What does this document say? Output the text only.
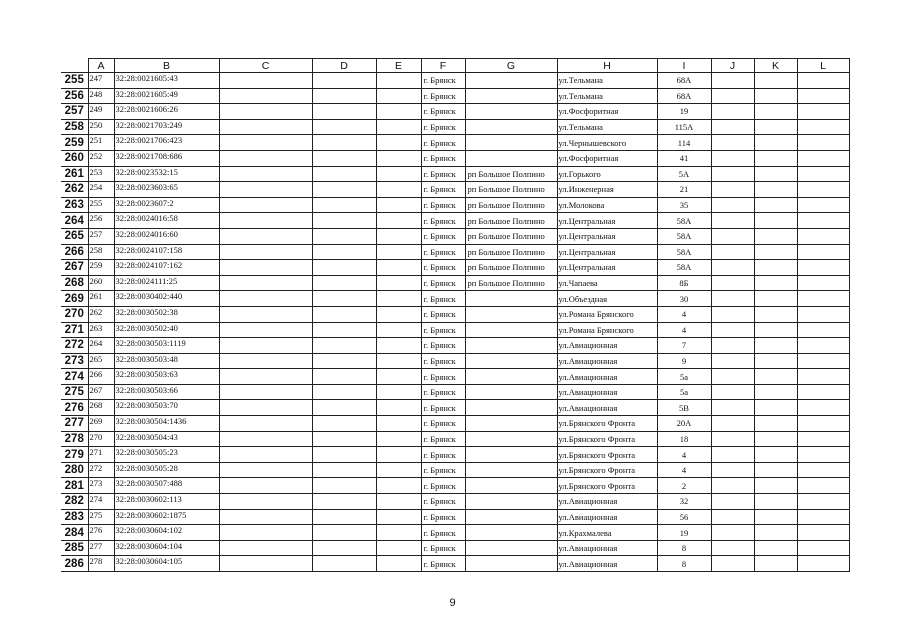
	A	B	C	D	E	F	G	H	I	J	K	L
255	247	32:28:0021605:43				г. Брянск		ул.Тельмана	68А			
256	248	32:28:0021605:49				г. Брянск		ул.Тельмана	68А			
257	249	32:28:0021606:26				г. Брянск		ул.Фосфоритная	19			
258	250	32:28:0021703:249				г. Брянск		ул.Тельмана	115А			
259	251	32:28:0021706:423				г. Брянск		ул.Чернышевского	114			
260	252	32:28:0021708:686				г. Брянск		ул.Фосфоритная	41			
261	253	32:28:0023532:15				г. Брянск	рп Большое Полпино	ул.Горького	5А			
262	254	32:28:0023603:65				г. Брянск	рп Большое Полпино	ул.Инженерная	21			
263	255	32:28:0023607:2				г. Брянск	рп Большое Полпино	ул.Молокова	35			
264	256	32:28:0024016:58				г. Брянск	рп Большое Полпино	ул.Центральная	58А			
265	257	32:28:0024016:60				г. Брянск	рп Большое Полпино	ул.Центральная	58А			
266	258	32:28:0024107:158				г. Брянск	рп Большое Полпино	ул.Центральная	58А			
267	259	32:28:0024107:162				г. Брянск	рп Большое Полпино	ул.Центральная	58А			
268	260	32:28:0024111:25				г. Брянск	рп Большое Полпино	ул.Чапаева	8Б			
269	261	32:28:0030402:440				г. Брянск		ул.Объездная	30			
270	262	32:28:0030502:38				г. Брянск		ул.Романа Брянского	4			
271	263	32:28:0030502:40				г. Брянск		ул.Романа Брянского	4			
272	264	32:28:0030503:1119				г. Брянск		ул.Авиационная	7			
273	265	32:28:0030503:48				г. Брянск		ул.Авиационная	9			
274	266	32:28:0030503:63				г. Брянск		ул.Авиационная	5а			
275	267	32:28:0030503:66				г. Брянск		ул.Авиационная	5а			
276	268	32:28:0030503:70				г. Брянск		ул.Авиационная	5В			
277	269	32:28:0030504:1436				г. Брянск		ул.Брянского Фронта	20А			
278	270	32:28:0030504:43				г. Брянск		ул.Брянского Фронта	18			
279	271	32:28:0030505:23				г. Брянск		ул.Брянского Фронта	4			
280	272	32:28:0030505:28				г. Брянск		ул.Брянского Фронта	4			
281	273	32:28:0030507:488				г. Брянск		ул.Брянского Фронта	2			
282	274	32:28:0030602:113				г. Брянск		ул.Авиационная	32			
283	275	32:28:0030602:1875				г. Брянск		ул.Авиационная	56			
284	276	32:28:0030604:102				г. Брянск		ул.Крахмалева	19			
285	277	32:28:0030604:104				г. Брянск		ул.Авиационная	8			
286	278	32:28:0030604:105				г. Брянск		ул.Авиационная	8			
9
